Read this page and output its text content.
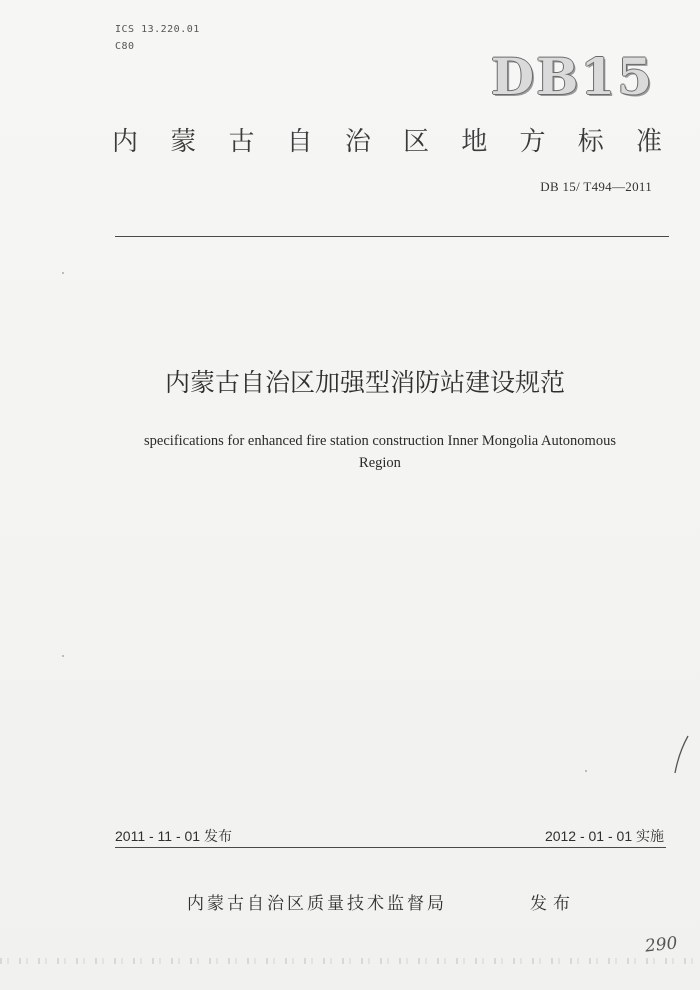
ICS 13.220.01
C80
DB15
内 蒙 古 自 治 区 地 方 标 准
DB 15/ T494—2011
内蒙古自治区加强型消防站建设规范
specifications for enhanced fire station construction Inner Mongolia Autonomous
Region
2011 - 11 - 01 发布	2012 - 01 - 01 实施
内蒙古自治区质量技术监督局	发布
290
